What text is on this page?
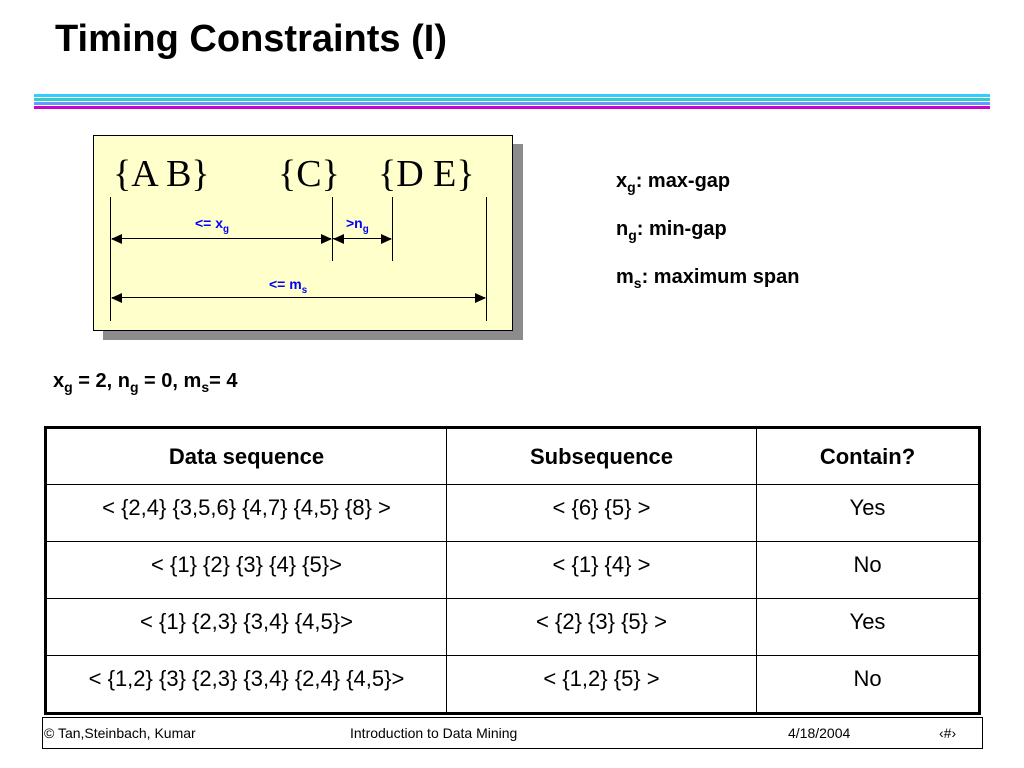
Timing Constraints (I)
{A B} {C} {D E}
<= $x_g$	$>n_g$
<= $m_s$
$x_g$: max-gap
$n_g$: min-gap
$m_s$: maximum span
$x_g = 2$, $n_g = 0$, $m_s= 4$
Data sequence	Subsequence	Contain?
< {2,4} {3,5,6} {4,7} {4,5} {8} >	< {6} {5} >	Yes
< {1} {2} {3} {4} {5}>	< {1} {4} >	No
< {1} {2,3} {3,4} {4,5}>	< {2} {3} {5} >	Yes
< {1,2} {3} {2,3} {3,4} {2,4} {4,5}>	< {1,2} {5} >	No
© Tan,Steinbach, Kumar	Introduction to Data Mining	4/18/2004	‹#›
